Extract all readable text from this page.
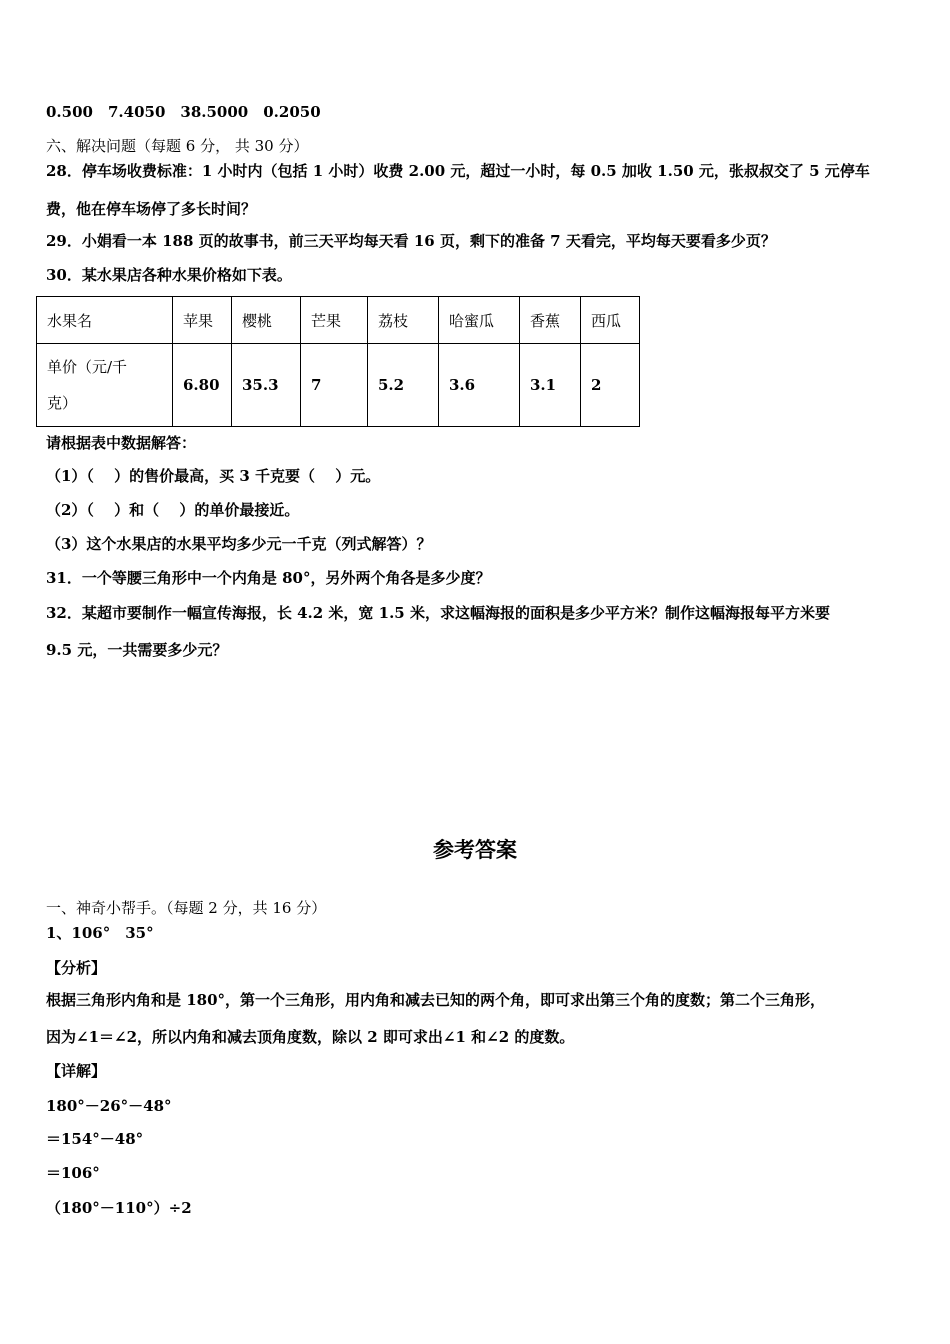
0.500　7.4050　38.5000　0.2050
六、解决问题（每题 6 分， 共 30 分）
28．停车场收费标准：1 小时内（包括 1 小时）收费 2.00 元，超过一小时，每 0.5 加收 1.50 元，张叔叔交了 5 元停车
费，他在停车场停了多长时间？
29．小娟看一本 188 页的故事书，前三天平均每天看 16 页，剩下的准备 7 天看完，平均每天要看多少页？
30．某水果店各种水果价格如下表。
水果名	苹果	樱桃	芒果	荔枝	哈蜜瓜	香蕉	西瓜
单价（元/千
克）	6.80	35.3	7	5.2	3.6	3.1	2
请根据表中数据解答：
（1）（　 ）的售价最高，买 3 千克要（　 ）元。
（2）（　 ）和（　 ）的单价最接近。
（3）这个水果店的水果平均多少元一千克（列式解答）？
31．一个等腰三角形中一个内角是 80°，另外两个角各是多少度？
32．某超市要制作一幅宣传海报，长 4.2 米，宽 1.5 米，求这幅海报的面积是多少平方米？制作这幅海报每平方米要
9.5 元，一共需要多少元？
参考答案
一、神奇小帮手。（每题 2 分，共 16 分）
1、106°　35°
【分析】
根据三角形内角和是 180°，第一个三角形，用内角和减去已知的两个角，即可求出第三个角的度数；第二个三角形，
因为∠1＝∠2，所以内角和减去顶角度数，除以 2 即可求出∠1 和∠2 的度数。
【详解】
180°－26°－48°
＝154°－48°
＝106°
（180°－110°）÷2
